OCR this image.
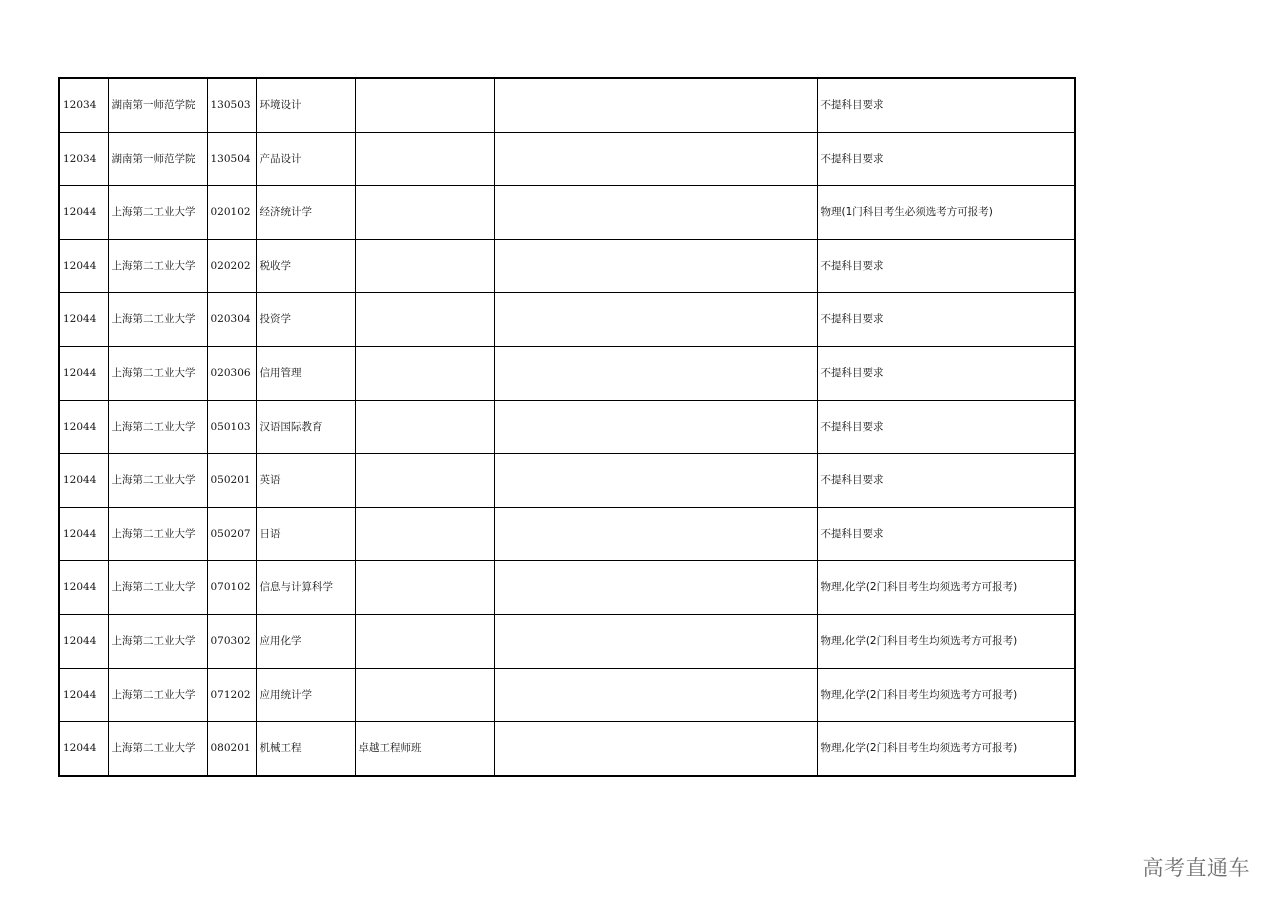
12034	湖南第一师范学院	130503	环境设计			不提科目要求
12034	湖南第一师范学院	130504	产品设计			不提科目要求
12044	上海第二工业大学	020102	经济统计学			物理(1门科目考生必须选考方可报考)
12044	上海第二工业大学	020202	税收学			不提科目要求
12044	上海第二工业大学	020304	投资学			不提科目要求
12044	上海第二工业大学	020306	信用管理			不提科目要求
12044	上海第二工业大学	050103	汉语国际教育			不提科目要求
12044	上海第二工业大学	050201	英语			不提科目要求
12044	上海第二工业大学	050207	日语			不提科目要求
12044	上海第二工业大学	070102	信息与计算科学			物理,化学(2门科目考生均须选考方可报考)
12044	上海第二工业大学	070302	应用化学			物理,化学(2门科目考生均须选考方可报考)
12044	上海第二工业大学	071202	应用统计学			物理,化学(2门科目考生均须选考方可报考)
12044	上海第二工业大学	080201	机械工程	卓越工程师班		物理,化学(2门科目考生均须选考方可报考)
高考直通车
